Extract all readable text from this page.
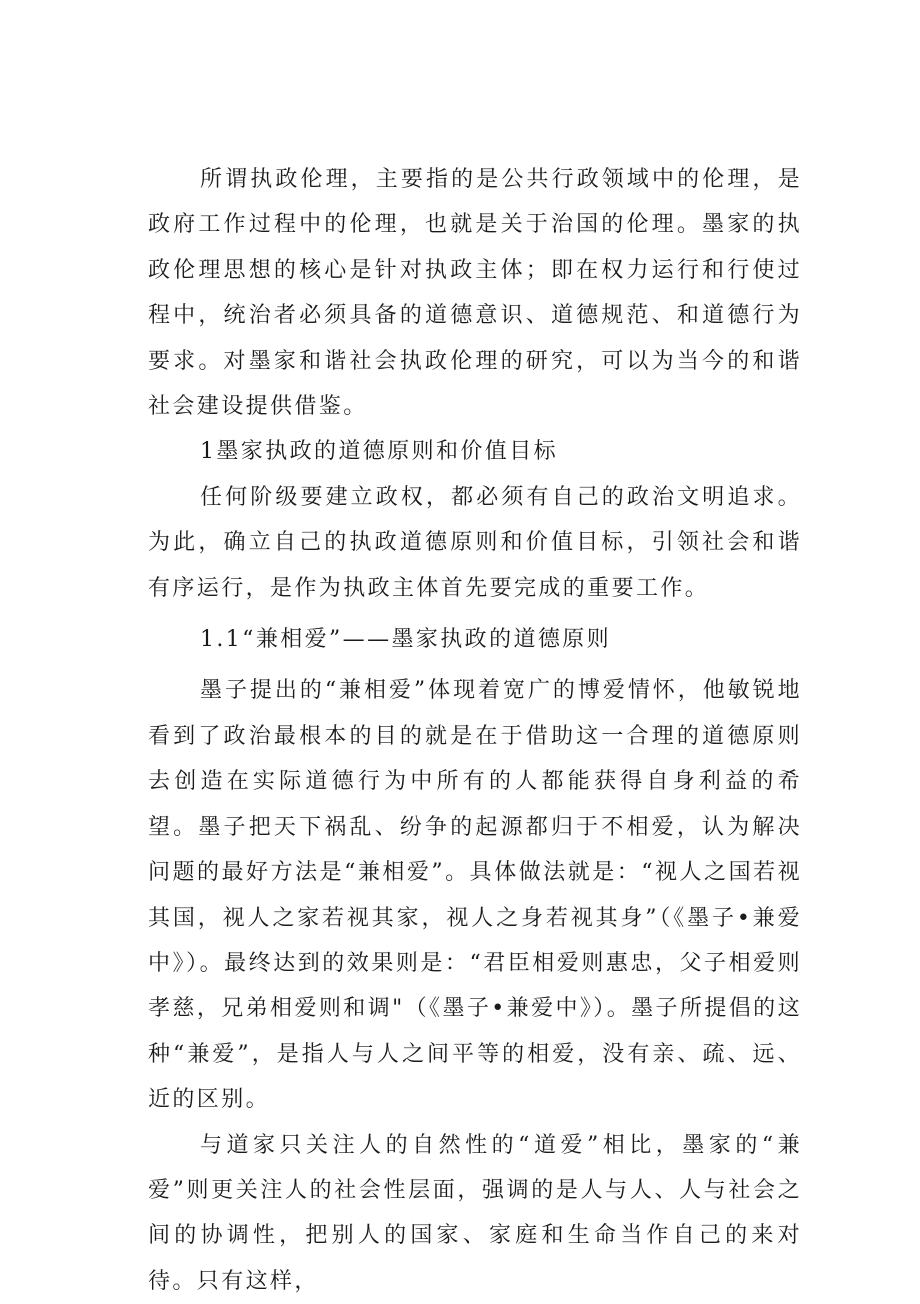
所谓执政伦理，主要指的是公共行政领域中的伦理，是政府工作过程中的伦理，也就是关于治国的伦理。墨家的执政伦理思想的核心是针对执政主体；即在权力运行和行使过程中，统治者必须具备的道德意识、道德规范、和道德行为要求。对墨家和谐社会执政伦理的研究，可以为当今的和谐社会建设提供借鉴。

1墨家执政的道德原则和价值目标

任何阶级要建立政权，都必须有自己的政治文明追求。为此，确立自己的执政道德原则和价值目标，引领社会和谐有序运行，是作为执政主体首先要完成的重要工作。

1.1“兼相爱”——墨家执政的道德原则

墨子提出的“兼相爱”体现着宽广的博爱情怀，他敏锐地看到了政治最根本的目的就是在于借助这一合理的道德原则去创造在实际道德行为中所有的人都能获得自身利益的希望。墨子把天下祸乱、纷争的起源都归于不相爱，认为解决问题的最好方法是“兼相爱”。具体做法就是：“视人之国若视其国，视人之家若视其家，视人之身若视其身”（《墨子•兼爱中》）。最终达到的效果则是：“君臣相爱则惠忠，父子相爱则孝慈，兄弟相爱则和调"（《墨子•兼爱中》）。墨子所提倡的这种“兼爱”，是指人与人之间平等的相爱，没有亲、疏、远、近的区别。

与道家只关注人的自然性的“道爱”相比，墨家的“兼爱”则更关注人的社会性层面，强调的是人与人、人与社会之间的协调性，把别人的国家、家庭和生命当作自己的来对待。只有这样，
